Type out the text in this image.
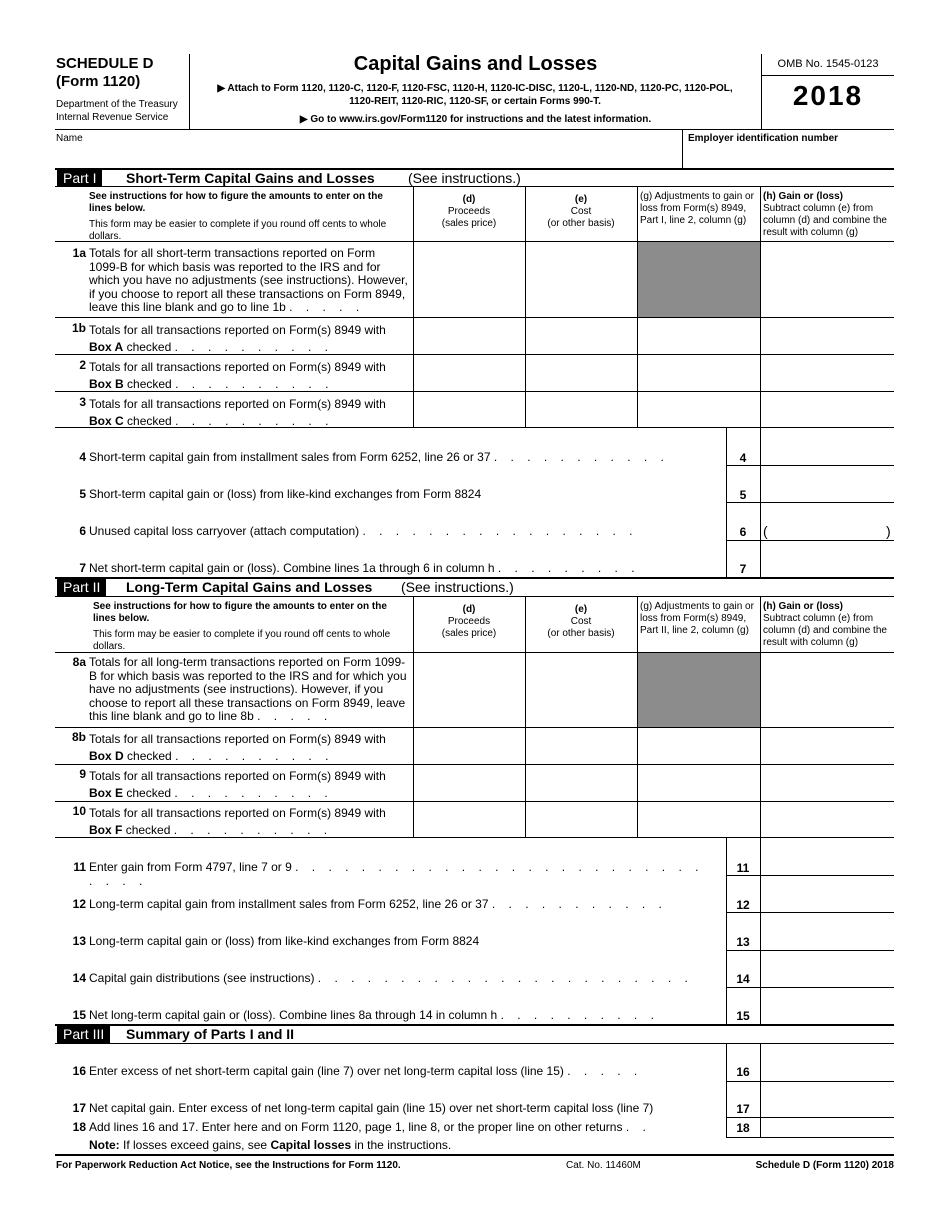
SCHEDULE D
(Form 1120)
Department of the Treasury
Internal Revenue Service
Capital Gains and Losses
▶ Attach to Form 1120, 1120-C, 1120-F, 1120-FSC, 1120-H, 1120-IC-DISC, 1120-L, 1120-ND, 1120-PC, 1120-POL, 1120-REIT, 1120-RIC, 1120-SF, or certain Forms 990-T.
▶ Go to www.irs.gov/Form1120 for instructions and the latest information.
OMB No. 1545-0123
2018
Name	Employer identification number
Part I	Short-Term Capital Gains and Losses (See instructions.)
See instructions for how to figure the amounts to enter on the lines below.
This form may be easier to complete if you round off cents to whole dollars.
(d)
Proceeds
(sales price)
(e)
Cost
(or other basis)
(g) Adjustments to gain or loss from Form(s) 8949, Part I, line 2, column (g)
(h) Gain or (loss)
Subtract column (e) from column (d) and combine the result with column (g)
1a Totals for all short-term transactions reported on Form 1099-B for which basis was reported to the IRS and for which you have no adjustments (see instructions). However, if you choose to report all these transactions on Form 8949, leave this line blank and go to line 1b . . . . .
1b Totals for all transactions reported on Form(s) 8949 with Box A checked . . . . . . . . . .
2 Totals for all transactions reported on Form(s) 8949 with Box B checked . . . . . . . . . .
3 Totals for all transactions reported on Form(s) 8949 with Box C checked . . . . . . . . . .
4 Short-term capital gain from installment sales from Form 6252, line 26 or 37 . . . . . . . . . . .	4
5 Short-term capital gain or (loss) from like-kind exchanges from Form 8824	5
6 Unused capital loss carryover (attach computation) . . . . . . . . . . . . . . . . .	6	(	)
7 Net short-term capital gain or (loss). Combine lines 1a through 6 in column h . . . . . . . . .	7
Part II	Long-Term Capital Gains and Losses (See instructions.)
See instructions for how to figure the amounts to enter on the lines below.
This form may be easier to complete if you round off cents to whole dollars.
(d)
Proceeds
(sales price)
(e)
Cost
(or other basis)
(g) Adjustments to gain or loss from Form(s) 8949, Part II, line 2, column (g)
(h) Gain or (loss)
Subtract column (e) from column (d) and combine the result with column (g)
8a Totals for all long-term transactions reported on Form 1099-B for which basis was reported to the IRS and for which you have no adjustments (see instructions). However, if you choose to report all these transactions on Form 8949, leave this line blank and go to line 8b . . . . .
8b Totals for all transactions reported on Form(s) 8949 with Box D checked . . . . . . . . . .
9 Totals for all transactions reported on Form(s) 8949 with Box E checked . . . . . . . . . .
10 Totals for all transactions reported on Form(s) 8949 with Box F checked . . . . . . . . . .
11 Enter gain from Form 4797, line 7 or 9 . . . . . . . . . . . . . . . . . . . . . . . . . . . . .
11
12 Long-term capital gain from installment sales from Form 6252, line 26 or 37 . . . . . . . . . . .	12
13 Long-term capital gain or (loss) from like-kind exchanges from Form 8824	13
14 Capital gain distributions (see instructions) . . . . . . . . . . . . . . . . . . . . . . .	14
15 Net long-term capital gain or (loss). Combine lines 8a through 14 in column h . . . . . . . . . .	15
Part III	Summary of Parts I and II
16 Enter excess of net short-term capital gain (line 7) over net long-term capital loss (line 15) . . . . .	16
17 Net capital gain. Enter excess of net long-term capital gain (line 15) over net short-term capital loss (line 7)	17
18 Add lines 16 and 17. Enter here and on Form 1120, page 1, line 8, or the proper line on other returns . .	18
Note: If losses exceed gains, see Capital losses in the instructions.
For Paperwork Reduction Act Notice, see the Instructions for Form 1120.	Cat. No. 11460M	Schedule D (Form 1120) 2018
